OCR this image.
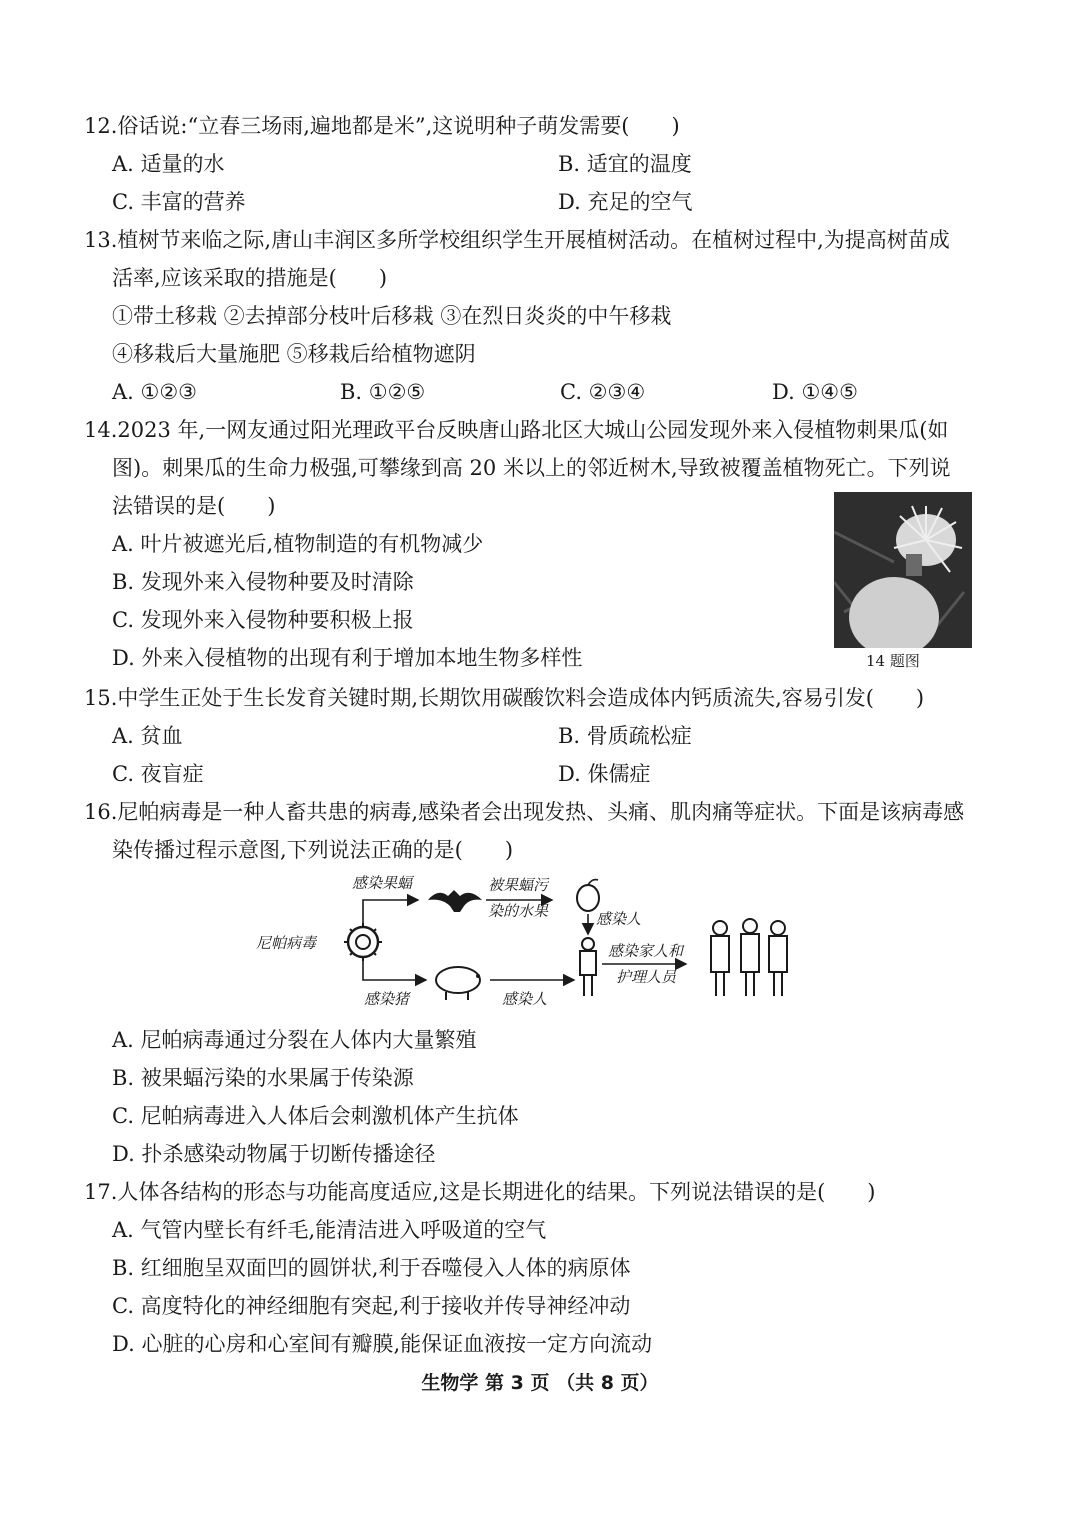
12.俗话说:“立春三场雨,遍地都是米”,这说明种子萌发需要(　　)
A. 适量的水	B. 适宜的温度
C. 丰富的营养	D. 充足的空气
13.植树节来临之际,唐山丰润区多所学校组织学生开展植树活动。在植树过程中,为提高树苗成
活率,应该采取的措施是(　　)
①带土移栽 ②去掉部分枝叶后移栽 ③在烈日炎炎的中午移栽
④移栽后大量施肥 ⑤移栽后给植物遮阴
A. ①②③	B. ①②⑤	C. ②③④	D. ①④⑤
14.2023 年,一网友通过阳光理政平台反映唐山路北区大城山公园发现外来入侵植物刺果瓜(如
图)。刺果瓜的生命力极强,可攀缘到高 20 米以上的邻近树木,导致被覆盖植物死亡。下列说
法错误的是(　　)
A. 叶片被遮光后,植物制造的有机物减少
B. 发现外来入侵物种要及时清除
C. 发现外来入侵物种要积极上报
D. 外来入侵植物的出现有利于增加本地生物多样性	14 题图
15.中学生正处于生长发育关键时期,长期饮用碳酸饮料会造成体内钙质流失,容易引发(　　)
A. 贫血	B. 骨质疏松症
C. 夜盲症	D. 侏儒症
16.尼帕病毒是一种人畜共患的病毒,感染者会出现发热、头痛、肌肉痛等症状。下面是该病毒感
染传播过程示意图,下列说法正确的是(　　)
尼帕病毒
感染果蝠	被果蝠污
染的水果	感染人
感染猪	感染人
感染家人和
护理人员
A. 尼帕病毒通过分裂在人体内大量繁殖
B. 被果蝠污染的水果属于传染源
C. 尼帕病毒进入人体后会刺激机体产生抗体
D. 扑杀感染动物属于切断传播途径
17.人体各结构的形态与功能高度适应,这是长期进化的结果。下列说法错误的是(　　)
A. 气管内壁长有纤毛,能清洁进入呼吸道的空气
B. 红细胞呈双面凹的圆饼状,利于吞噬侵入人体的病原体
C. 高度特化的神经细胞有突起,利于接收并传导神经冲动
D. 心脏的心房和心室间有瓣膜,能保证血液按一定方向流动
生物学 第 3 页 （共 8 页）
